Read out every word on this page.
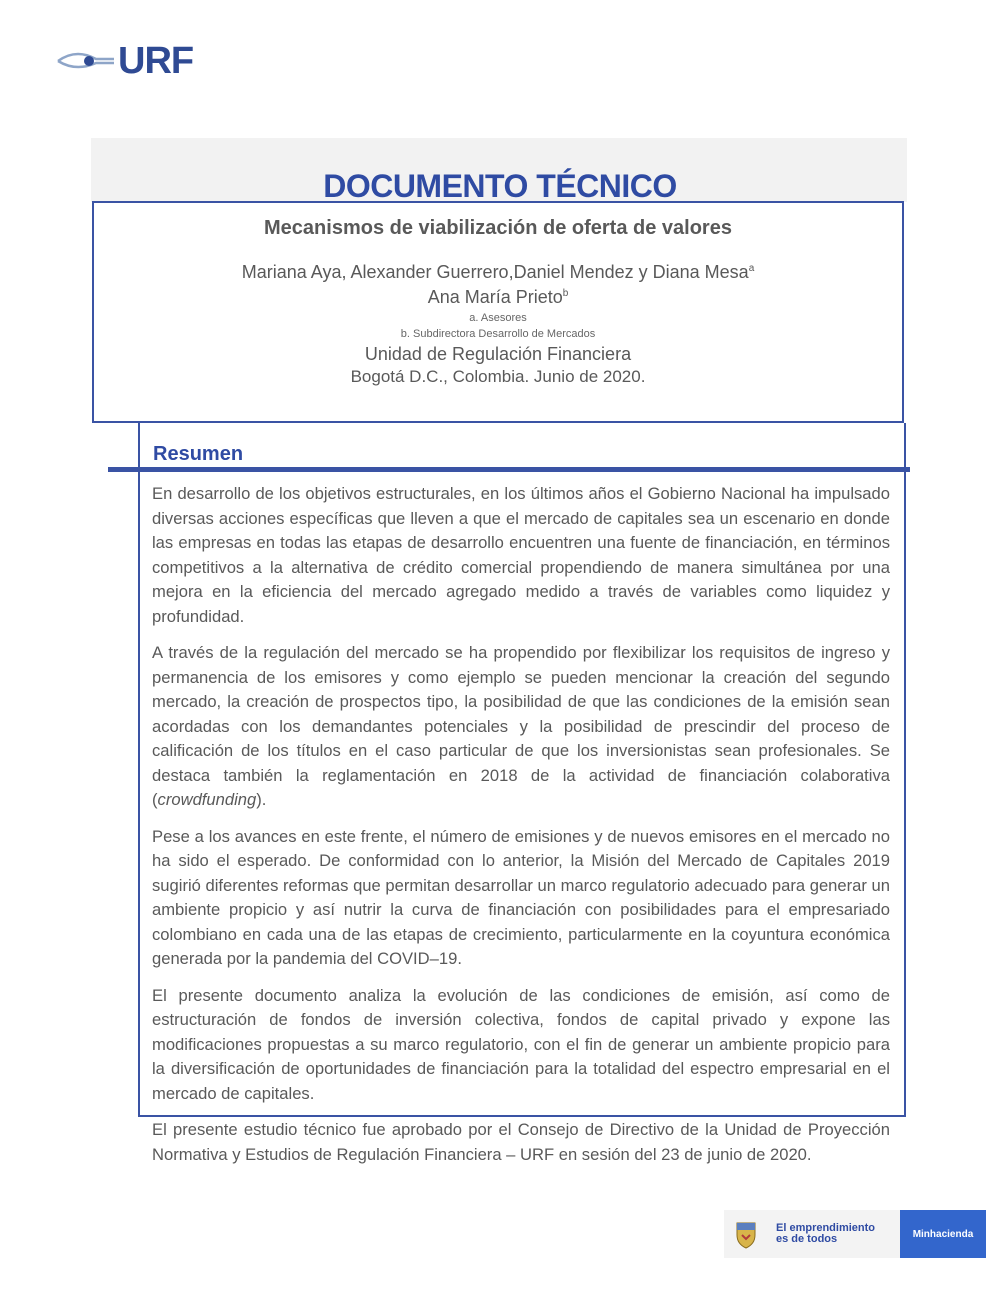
URF
DOCUMENTO TÉCNICO
Mecanismos de viabilización de oferta de valores
Mariana Aya, Alexander Guerrero,Daniel Mendez y Diana Mesa$^a$
Ana María Prieto$^b$
a. Asesores
b. Subdirectora Desarrollo de Mercados
Unidad de Regulación Financiera
Bogotá D.C., Colombia. Junio de 2020.
Resumen

En desarrollo de los objetivos estructurales, en los últimos años el Gobierno Nacional ha impulsado diversas acciones específicas que lleven a que el mercado de capitales sea un escenario en donde las empresas en todas las etapas de desarrollo encuentren una fuente de financiación, en términos competitivos a la alternativa de crédito comercial propendiendo de manera simultánea por una mejora en la eficiencia del mercado agregado medido a través de variables como liquidez y profundidad.

A través de la regulación del mercado se ha propendido por flexibilizar los requisitos de ingreso y permanencia de los emisores y como ejemplo se pueden mencionar la creación del segundo mercado, la creación de prospectos tipo, la posibilidad de que las condiciones de la emisión sean acordadas con los demandantes potenciales y la posibilidad de prescindir del proceso de calificación de los títulos en el caso particular de que los inversionistas sean profesionales. Se destaca también la reglamentación en 2018 de la actividad de financiación colaborativa (crowdfunding).

Pese a los avances en este frente, el número de emisiones y de nuevos emisores en el mercado no ha sido el esperado. De conformidad con lo anterior, la Misión del Mercado de Capitales 2019 sugirió diferentes reformas que permitan desarrollar un marco regulatorio adecuado para generar un ambiente propicio y así nutrir la curva de financiación con posibilidades para el empresariado colombiano en cada una de las etapas de crecimiento, particularmente en la coyuntura económica generada por la pandemia del COVID–19.

El presente documento analiza la evolución de las condiciones de emisión, así como de estructuración de fondos de inversión colectiva, fondos de capital privado y expone las modificaciones propuestas a su marco regulatorio, con el fin de generar un ambiente propicio para la diversificación de oportunidades de financiación para la totalidad del espectro empresarial en el mercado de capitales.

El presente estudio técnico fue aprobado por el Consejo de Directivo de la Unidad de Proyección Normativa y Estudios de Regulación Financiera – URF en sesión del 23 de junio de 2020.

El emprendimiento
es de todos	Minhacienda
